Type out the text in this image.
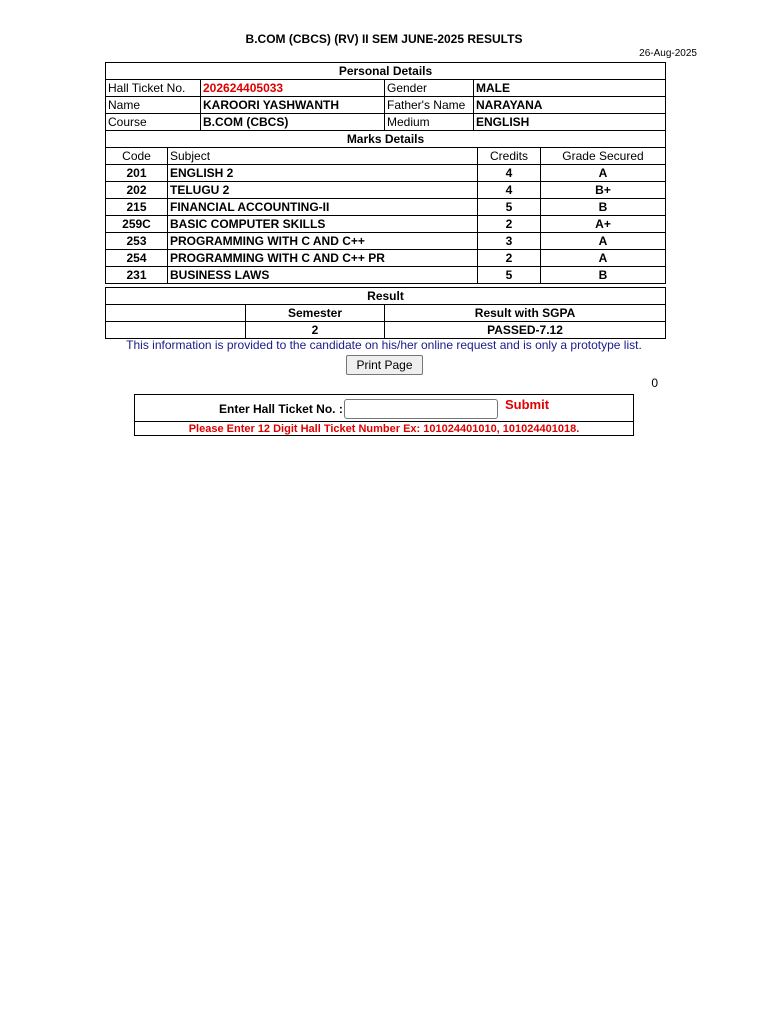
B.COM (CBCS) (RV) II SEM JUNE-2025 RESULTS
26-Aug-2025
Personal Details			
Hall Ticket No.	202624405033	Gender	MALE
Name	KAROORI YASHWANTH	Father's Name	NARAYANA
Course	B.COM (CBCS)	Medium	ENGLISH
Marks Details			
Code	Subject	Credits	Grade Secured
201	ENGLISH 2	4	A
202	TELUGU 2	4	B+
215	FINANCIAL ACCOUNTING-II	5	B
259C	BASIC COMPUTER SKILLS	2	A+
253	PROGRAMMING WITH C AND C++	3	A
254	PROGRAMMING WITH C AND C++ PR	2	A
231	BUSINESS LAWS	5	B
Result		
	Semester	Result with SGPA
	2	PASSED-7.12
This information is provided to the candidate on his/her online request and is only a prototype list.
Print Page
0
Enter Hall Ticket No. :	Submit
Please Enter 12 Digit Hall Ticket Number Ex: 101024401010, 101024401018.
